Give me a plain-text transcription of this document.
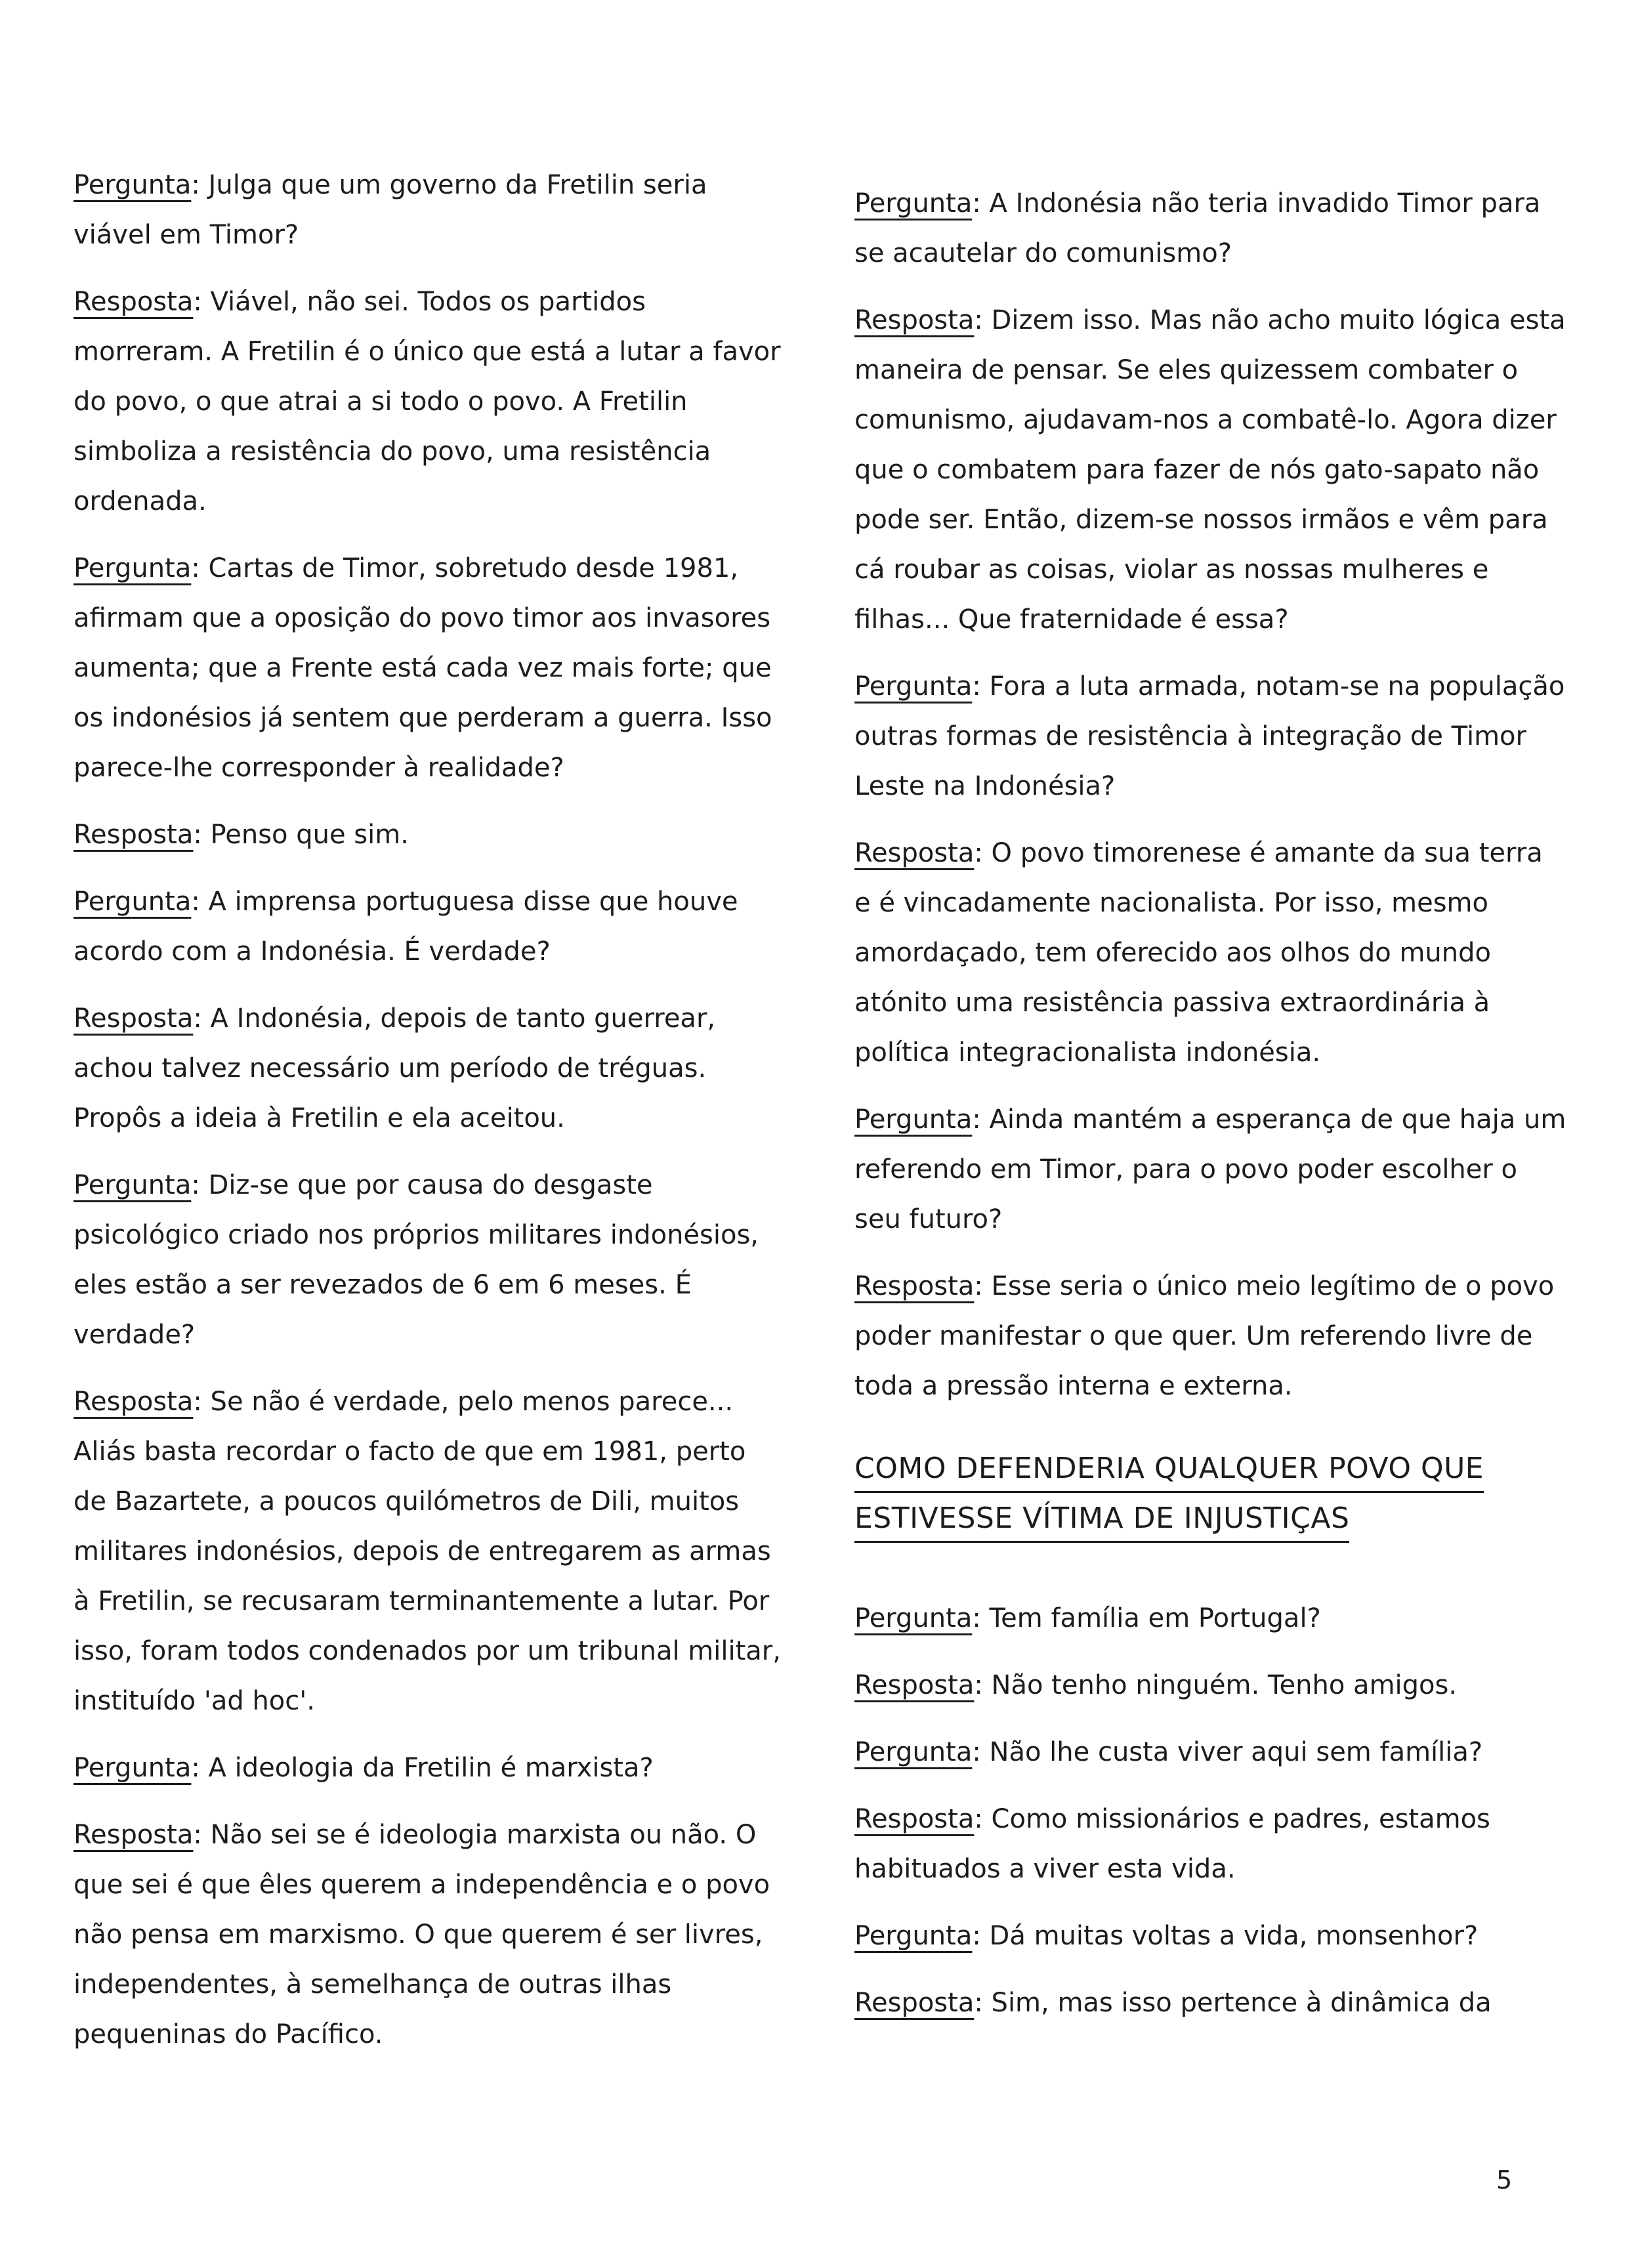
Pergunta: Julga que um governo da Fretilin seria viável em Timor?

Resposta: Viável, não sei. Todos os partidos morreram. A Fretilin é o único que está a lutar a favor do povo, o que atrai a si todo o povo. A Fretilin simboliza a resistência do povo, uma resistência ordenada.

Pergunta: Cartas de Timor, sobretudo desde 1981, afirmam que a oposição do povo timor aos invasores aumenta; que a Frente está cada vez mais forte; que os indonésios já sentem que perderam a guerra. Isso parece-lhe corresponder à realidade?

Resposta: Penso que sim.

Pergunta: A imprensa portuguesa disse que houve acordo com a Indonésia. É verdade?

Resposta: A Indonésia, depois de tanto guerrear, achou talvez necessário um período de tréguas. Propôs a ideia à Fretilin e ela aceitou.

Pergunta: Diz-se que por causa do desgaste psicológico criado nos próprios militares indonésios, eles estão a ser revezados de 6 em 6 meses. É verdade?

Resposta: Se não é verdade, pelo menos parece... Aliás basta recordar o facto de que em 1981, perto de Bazartete, a poucos quilómetros de Dili, muitos militares indonésios, depois de entregarem as armas à Fretilin, se recusaram terminantemente a lutar. Por isso, foram todos condenados por um tribunal militar, instituído 'ad hoc'.

Pergunta: A ideologia da Fretilin é marxista?

Resposta: Não sei se é ideologia marxista ou não. O que sei é que êles querem a independência e o povo não pensa em marxismo. O que querem é ser livres, independentes, à semelhança de outras ilhas pequeninas do Pacífico.

Pergunta: A Indonésia não teria invadido Timor para se acautelar do comunismo?

Resposta: Dizem isso. Mas não acho muito lógica esta maneira de pensar. Se eles quizessem combater o comunismo, ajudavam-nos a combatê-lo. Agora dizer que o combatem para fazer de nós gato-sapato não pode ser. Então, dizem-se nossos irmãos e vêm para cá roubar as coisas, violar as nossas mulheres e filhas... Que fraternidade é essa?

Pergunta: Fora a luta armada, notam-se na população outras formas de resistência à integração de Timor Leste na Indonésia?

Resposta: O povo timorenese é amante da sua terra e é vincadamente nacionalista. Por isso, mesmo amordaçado, tem oferecido aos olhos do mundo atónito uma resistência passiva extraordinária à política integracionalista indonésia.

Pergunta: Ainda mantém a esperança de que haja um referendo em Timor, para o povo poder escolher o seu futuro?

Resposta: Esse seria o único meio legítimo de o povo poder manifestar o que quer. Um referendo livre de toda a pressão interna e externa.

COMO DEFENDERIA QUALQUER POVO QUE
ESTIVESSE VÍTIMA DE INJUSTIÇAS

Pergunta: Tem família em Portugal?

Resposta: Não tenho ninguém. Tenho amigos.

Pergunta: Não lhe custa viver aqui sem família?

Resposta: Como missionários e padres, estamos habituados a viver esta vida.

Pergunta: Dá muitas voltas a vida, monsenhor?

Resposta: Sim, mas isso pertence à dinâmica da

5
